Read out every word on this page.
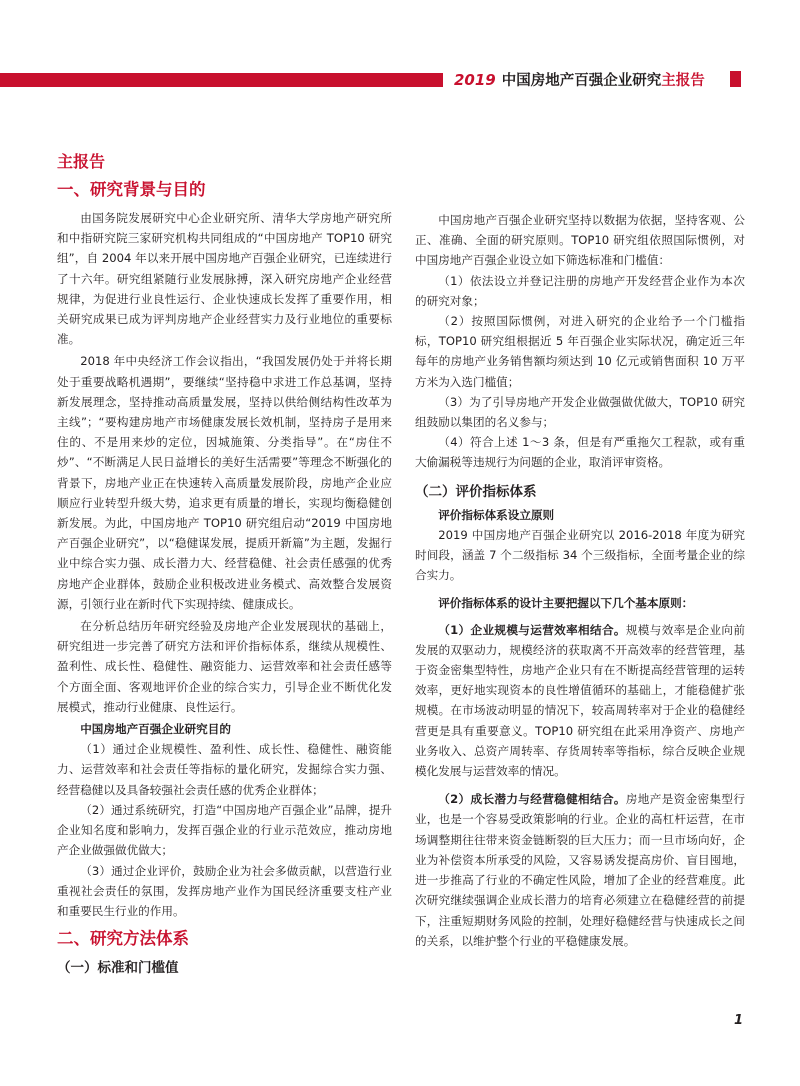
2019 中国房地产百强企业研究主报告
主报告
一、研究背景与目的

由国务院发展研究中心企业研究所、清华大学房地产研究所和中指研究院三家研究机构共同组成的“中国房地产 TOP10 研究组”，自 2004 年以来开展中国房地产百强企业研究，已连续进行了十六年。研究组紧随行业发展脉搏，深入研究房地产企业经营规律，为促进行业良性运行、企业快速成长发挥了重要作用，相关研究成果已成为评判房地产企业经营实力及行业地位的重要标准。

2018 年中央经济工作会议指出，“我国发展仍处于并将长期处于重要战略机遇期”，要继续“坚持稳中求进工作总基调，坚持新发展理念，坚持推动高质量发展，坚持以供给侧结构性改革为主线”；“要构建房地产市场健康发展长效机制，坚持房子是用来住的、不是用来炒的定位，因城施策、分类指导”。在“房住不炒”、“不断满足人民日益增长的美好生活需要”等理念不断强化的背景下，房地产业正在快速转入高质量发展阶段，房地产企业应顺应行业转型升级大势，追求更有质量的增长，实现均衡稳健创新发展。为此，中国房地产 TOP10 研究组启动“2019 中国房地产百强企业研究”，以“稳健谋发展，提质开新篇”为主题，发掘行业中综合实力强、成长潜力大、经营稳健、社会责任感强的优秀房地产企业群体，鼓励企业积极改进业务模式、高效整合发展资源，引领行业在新时代下实现持续、健康成长。

在分析总结历年研究经验及房地产企业发展现状的基础上，研究组进一步完善了研究方法和评价指标体系，继续从规模性、盈利性、成长性、稳健性、融资能力、运营效率和社会责任感等个方面全面、客观地评价企业的综合实力，引导企业不断优化发展模式，推动行业健康、良性运行。

中国房地产百强企业研究目的

（1）通过企业规模性、盈利性、成长性、稳健性、融资能力、运营效率和社会责任等指标的量化研究，发掘综合实力强、经营稳健以及具备较强社会责任感的优秀企业群体；

（2）通过系统研究，打造“中国房地产百强企业”品牌，提升企业知名度和影响力，发挥百强企业的行业示范效应，推动房地产企业做强做优做大；

（3）通过企业评价，鼓励企业为社会多做贡献，以营造行业重视社会责任的氛围，发挥房地产业作为国民经济重要支柱产业和重要民生行业的作用。

二、研究方法体系
（一）标准和门槛值

中国房地产百强企业研究坚持以数据为依据，坚持客观、公正、准确、全面的研究原则。TOP10 研究组依照国际惯例，对中国房地产百强企业设立如下筛选标准和门槛值：

（1）依法设立并登记注册的房地产开发经营企业作为本次的研究对象；

（2）按照国际惯例，对进入研究的企业给予一个门槛指标，TOP10 研究组根据近 5 年百强企业实际状况，确定近三年每年的房地产业务销售额均须达到 10 亿元或销售面积 10 万平方米为入选门槛值；

（3）为了引导房地产开发企业做强做优做大，TOP10 研究组鼓励以集团的名义参与；

（4）符合上述 1～3 条，但是有严重拖欠工程款，或有重大偷漏税等违规行为问题的企业，取消评审资格。

（二）评价指标体系

评价指标体系设立原则

2019 中国房地产百强企业研究以 2016-2018 年度为研究时间段，涵盖 7 个二级指标 34 个三级指标，全面考量企业的综合实力。

评价指标体系的设计主要把握以下几个基本原则：

（1）企业规模与运营效率相结合。规模与效率是企业向前发展的双驱动力，规模经济的获取离不开高效率的经营管理，基于资金密集型特性，房地产企业只有在不断提高经营管理的运转效率，更好地实现资本的良性增值循环的基础上，才能稳健扩张规模。在市场波动明显的情况下，较高周转率对于企业的稳健经营更是具有重要意义。TOP10 研究组在此采用净资产、房地产业务收入、总资产周转率、存货周转率等指标，综合反映企业规模化发展与运营效率的情况。

（2）成长潜力与经营稳健相结合。房地产是资金密集型行业，也是一个容易受政策影响的行业。企业的高杠杆运营，在市场调整期往往带来资金链断裂的巨大压力；而一旦市场向好，企业为补偿资本所承受的风险，又容易诱发提高房价、盲目囤地，进一步推高了行业的不确定性风险，增加了企业的经营难度。此次研究继续强调企业成长潜力的培育必须建立在稳健经营的前提下，注重短期财务风险的控制，处理好稳健经营与快速成长之间的关系，以维护整个行业的平稳健康发展。

1
